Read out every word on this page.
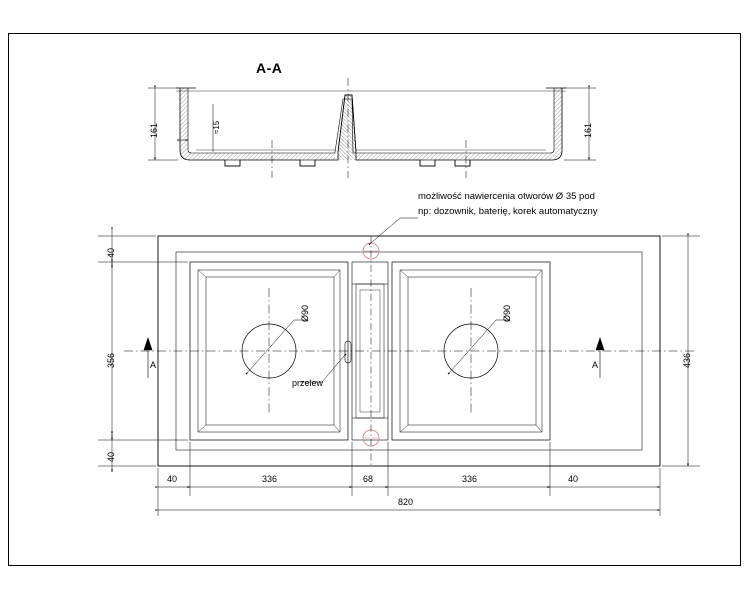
A-A
161	161
≈15
możliwość nawiercenia otworów Ø 35 pod
np: dozownik, baterię, korek automatyczny
40
356
40
436
A	A
Ø90	Ø90
przelew
40	336	68	336	40
820
